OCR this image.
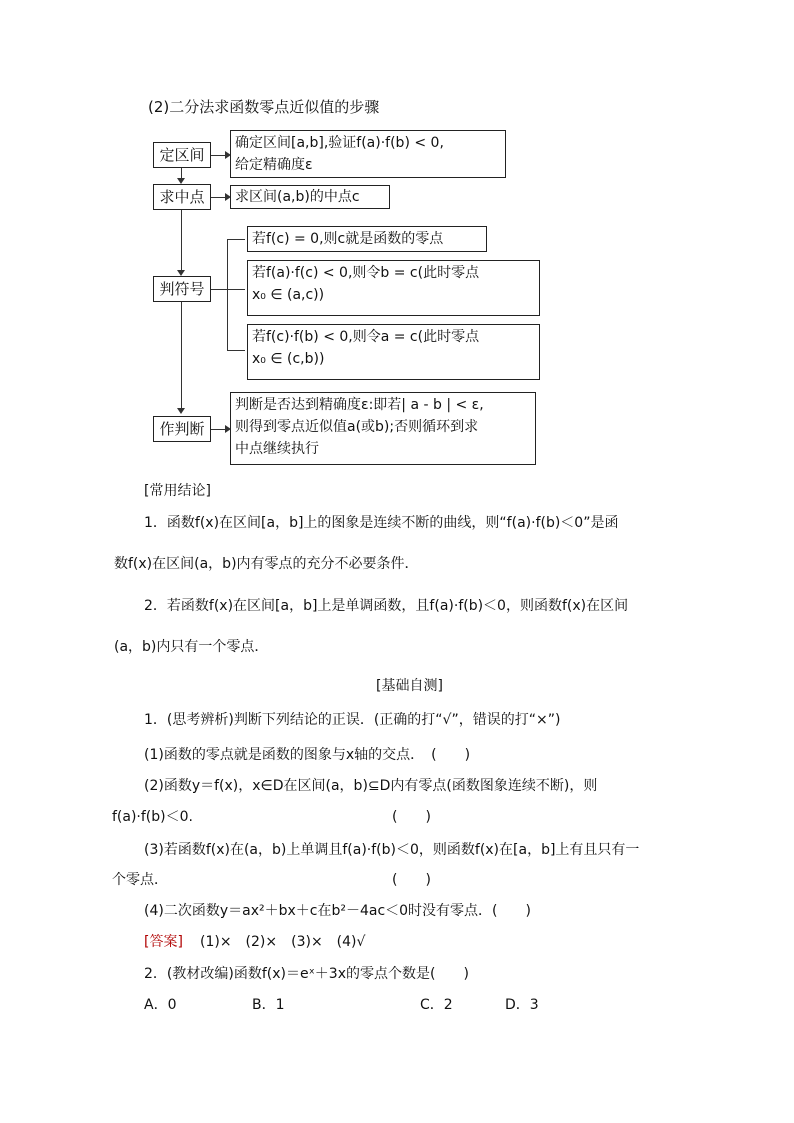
(2)二分法求函数零点近似值的步骤
定区间
确定区间[a,b],验证f(a)·f(b) < 0,
给定精确度ε
求中点	求区间(a,b)的中点c
判符号
若f(c) = 0,则c就是函数的零点
若f(a)·f(c) < 0,则令b = c(此时零点
x₀ ∈ (a,c))
若f(c)·f(b) < 0,则令a = c(此时零点
x₀ ∈ (c,b))
作判断
判断是否达到精确度ε:即若| a - b | < ε,
则得到零点近似值a(或b);否则循环到求
中点继续执行
[常用结论]
1．函数f(x)在区间[a，b]上的图象是连续不断的曲线，则“f(a)·f(b)＜0”是函
数f(x)在区间(a，b)内有零点的充分不必要条件．
2．若函数f(x)在区间[a，b]上是单调函数，且f(a)·f(b)＜0，则函数f(x)在区间
(a，b)内只有一个零点．
[基础自测]
1．(思考辨析)判断下列结论的正误．(正确的打“√”，错误的打“×”)
(1)函数的零点就是函数的图象与x轴的交点．　(　　)
(2)函数y＝f(x)，x∈D在区间(a，b)⊆D内有零点(函数图象连续不断)，则
f(a)·f(b)＜0.	(　　)
(3)若函数f(x)在(a，b)上单调且f(a)·f(b)＜0，则函数f(x)在[a，b]上有且只有一
个零点．	(　　)
(4)二次函数y＝ax²＋bx＋c在b²－4ac＜0时没有零点．(　　)
[答案] (1)×　(2)×　(3)×　(4)√
2．(教材改编)函数f(x)＝eˣ＋3x的零点个数是(　　)
A．0	B．1	C．2	D．3
